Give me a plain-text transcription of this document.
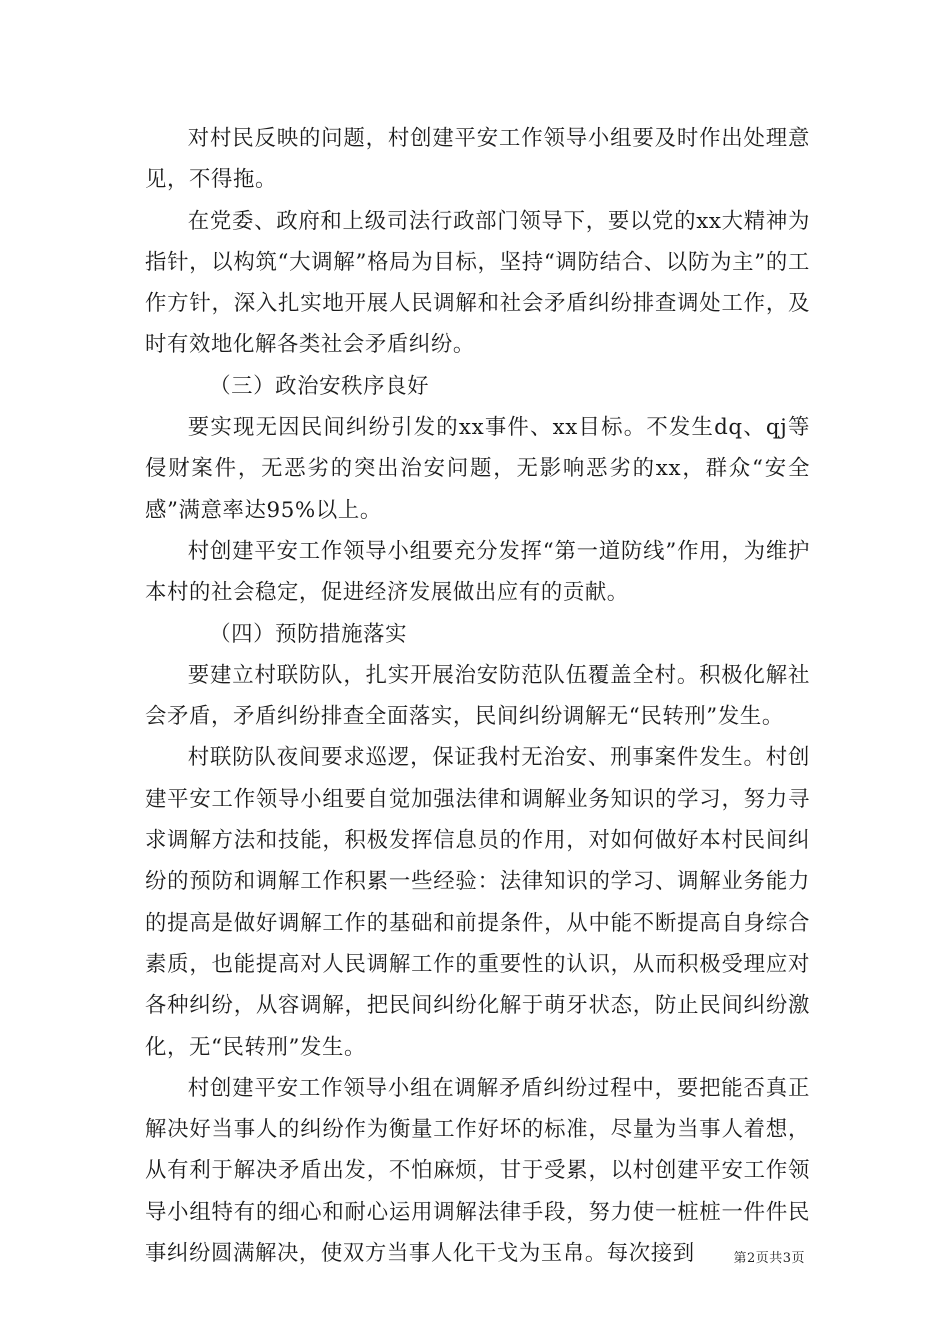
对村民反映的问题，村创建平安工作领导小组要及时作出处理意见，不得拖。

在党委、政府和上级司法行政部门领导下，要以党的xx大精神为指针，以构筑“大调解”格局为目标，坚持“调防结合、以防为主”的工作方针，深入扎实地开展人民调解和社会矛盾纠纷排查调处工作，及时有效地化解各类社会矛盾纠纷。

（三）政治安秩序良好

要实现无因民间纠纷引发的xx事件、xx目标。不发生dq、qj等侵财案件，无恶劣的突出治安问题，无影响恶劣的xx，群众“安全感”满意率达95%以上。

村创建平安工作领导小组要充分发挥“第一道防线”作用，为维护本村的社会稳定，促进经济发展做出应有的贡献。

（四）预防措施落实

要建立村联防队，扎实开展治安防范队伍覆盖全村。积极化解社会矛盾，矛盾纠纷排查全面落实，民间纠纷调解无“民转刑”发生。

村联防队夜间要求巡逻，保证我村无治安、刑事案件发生。村创建平安工作领导小组要自觉加强法律和调解业务知识的学习，努力寻求调解方法和技能，积极发挥信息员的作用，对如何做好本村民间纠纷的预防和调解工作积累一些经验：法律知识的学习、调解业务能力的提高是做好调解工作的基础和前提条件，从中能不断提高自身综合素质，也能提高对人民调解工作的重要性的认识，从而积极受理应对各种纠纷，从容调解，把民间纠纷化解于萌牙状态，防止民间纠纷激化，无“民转刑”发生。

村创建平安工作领导小组在调解矛盾纠纷过程中，要把能否真正解决好当事人的纠纷作为衡量工作好坏的标准，尽量为当事人着想，从有利于解决矛盾出发，不怕麻烦，甘于受累，以村创建平安工作领导小组特有的细心和耐心运用调解法律手段，努力使一桩桩一件件民事纠纷圆满解决，使双方当事人化干戈为玉帛。每次接到	第2页共3页
